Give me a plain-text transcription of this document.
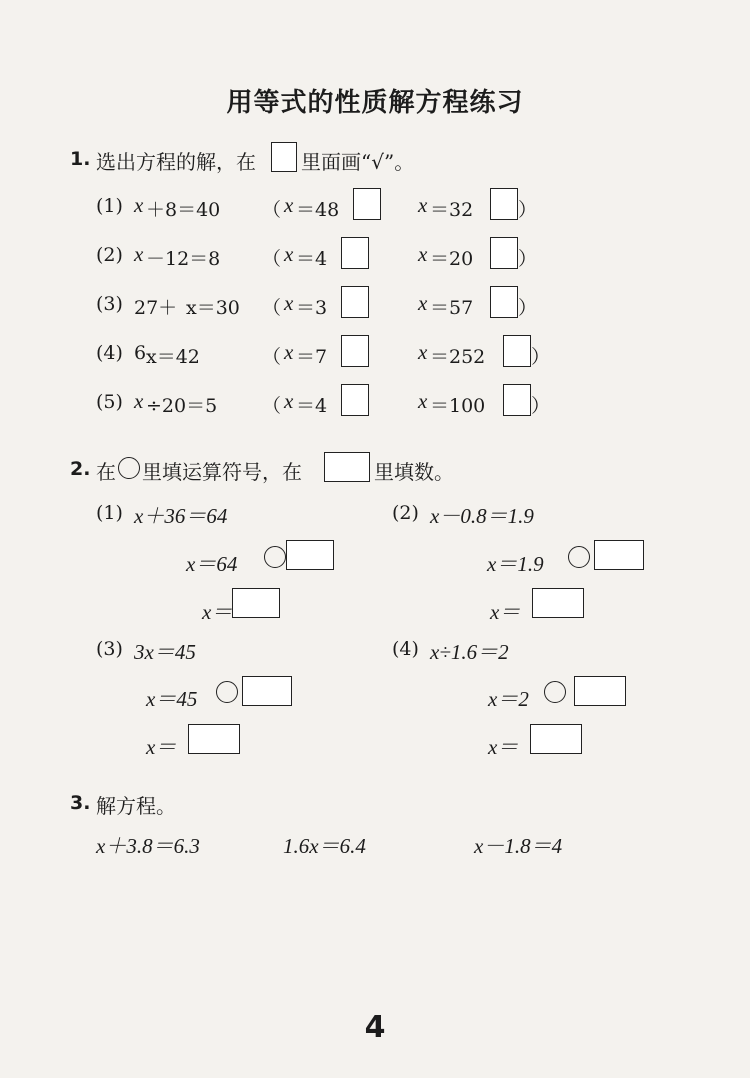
用等式的性质解方程练习
1. 选出方程的解，在 里面画“√”。
(1) x ＋8＝40 （ x ＝48	x ＝32 ）
(2) x －12＝8 （ x ＝4	x ＝20 ）
(3) 27＋ x＝30 （ x ＝3	x ＝57 ）
(4) 6 x＝42	（ x ＝7	x ＝252 ）
(5) x ÷20＝5 （ x ＝4	x ＝100 ）
2. 在 里填运算符号，在	里填数。
(1) x＋36＝64
x＝64
x＝
(2) x－0.8＝1.9
x＝1.9
x＝
(3) 3x＝45
x＝45
x＝
(4) x÷1.6＝2
x＝2
x＝
3. 解方程。
x＋3.8＝6.3	1.6x＝6.4	x－1.8＝4
4
